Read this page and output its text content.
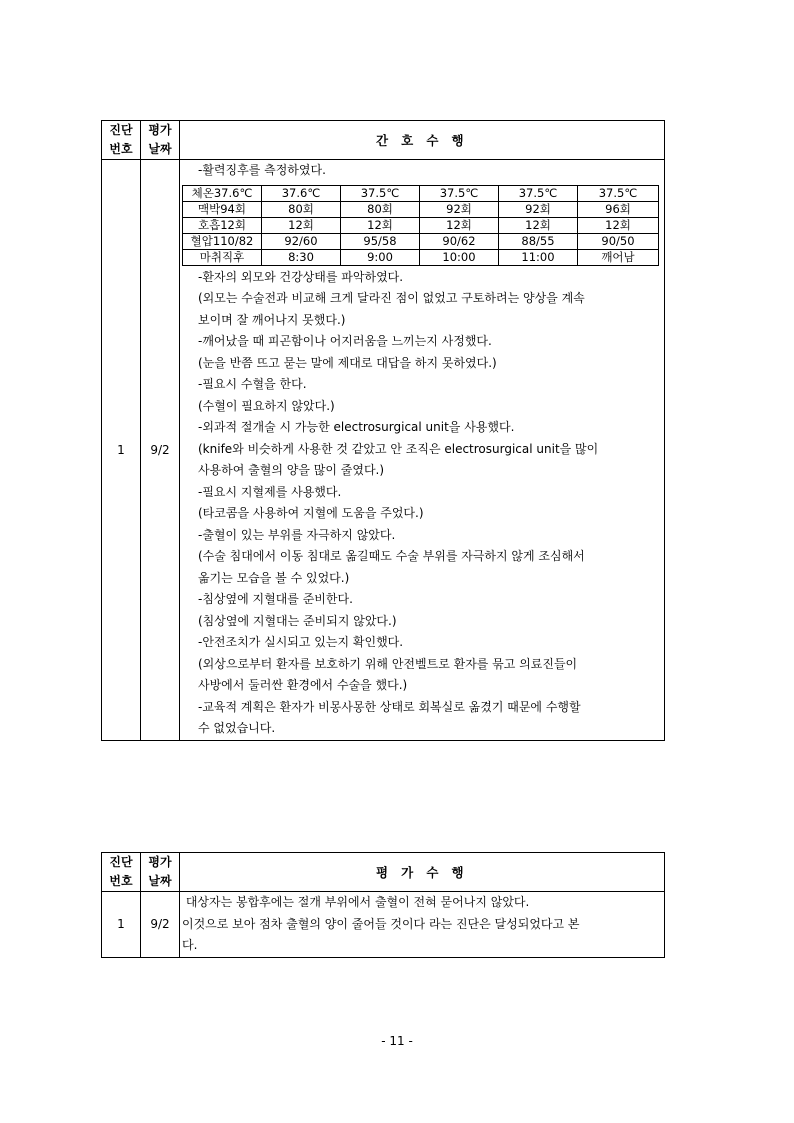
진단
번호	평가
날짜	간 호 수 행
1	9/2	
-활력징후를 측정하였다.
체온37.6℃	37.6℃	37.5℃	37.5℃	37.5℃	37.5℃
맥박94회	80회	80회	92회	92회	96회
호흡12회	12회	12회	12회	12회	12회
혈압110/82	92/60	95/58	90/62	88/55	90/50
마취직후	8:30	9:00	10:00	11:00	깨어남
-환자의 외모와 건강상태를 파악하였다.
(외모는 수술전과 비교해 크게 달라진 점이 없었고 구토하려는 양상을 계속
보이며 잘 깨어나지 못했다.)
-깨어났을 때 피곤함이나 어지러움을 느끼는지 사정했다.
(눈을 반쯤 뜨고 묻는 말에 제대로 대답을 하지 못하였다.)
-필요시 수혈을 한다.
(수혈이 필요하지 않았다.)
-외과적 절개술 시 가능한 electrosurgical unit을 사용했다.
(knife와 비슷하게 사용한 것 같았고 안 조직은 electrosurgical unit을 많이
사용하여 출혈의 양을 많이 줄였다.)
-필요시 지혈제를 사용했다.
(타코콤을 사용하여 지혈에 도움을 주었다.)
-출혈이 있는 부위를 자극하지 않았다.
(수술 침대에서 이동 침대로 옮길때도 수술 부위를 자극하지 않게 조심해서
옮기는 모습을 볼 수 있었다.)
-침상옆에 지혈대를 준비한다.
(침상옆에 지혈대는 준비되지 않았다.)
-안전조치가 실시되고 있는지 확인했다.
(외상으로부터 환자를 보호하기 위해 안전벨트로 환자를 묶고 의료진들이
사방에서 둘러싼 환경에서 수술을 했다.)
-교육적 계획은 환자가 비몽사몽한 상태로 회복실로 옮겼기 때문에 수행할
수 없었습니다.
진단
번호	평가
날짜	평 가 수 행
1	9/2	대상자는 봉합후에는 절개 부위에서 출혈이 전혀 묻어나지 않았다.
이것으로 보아 점차 출혈의 양이 줄어들 것이다 라는 진단은 달성되었다고 본
다.
- 11 -
